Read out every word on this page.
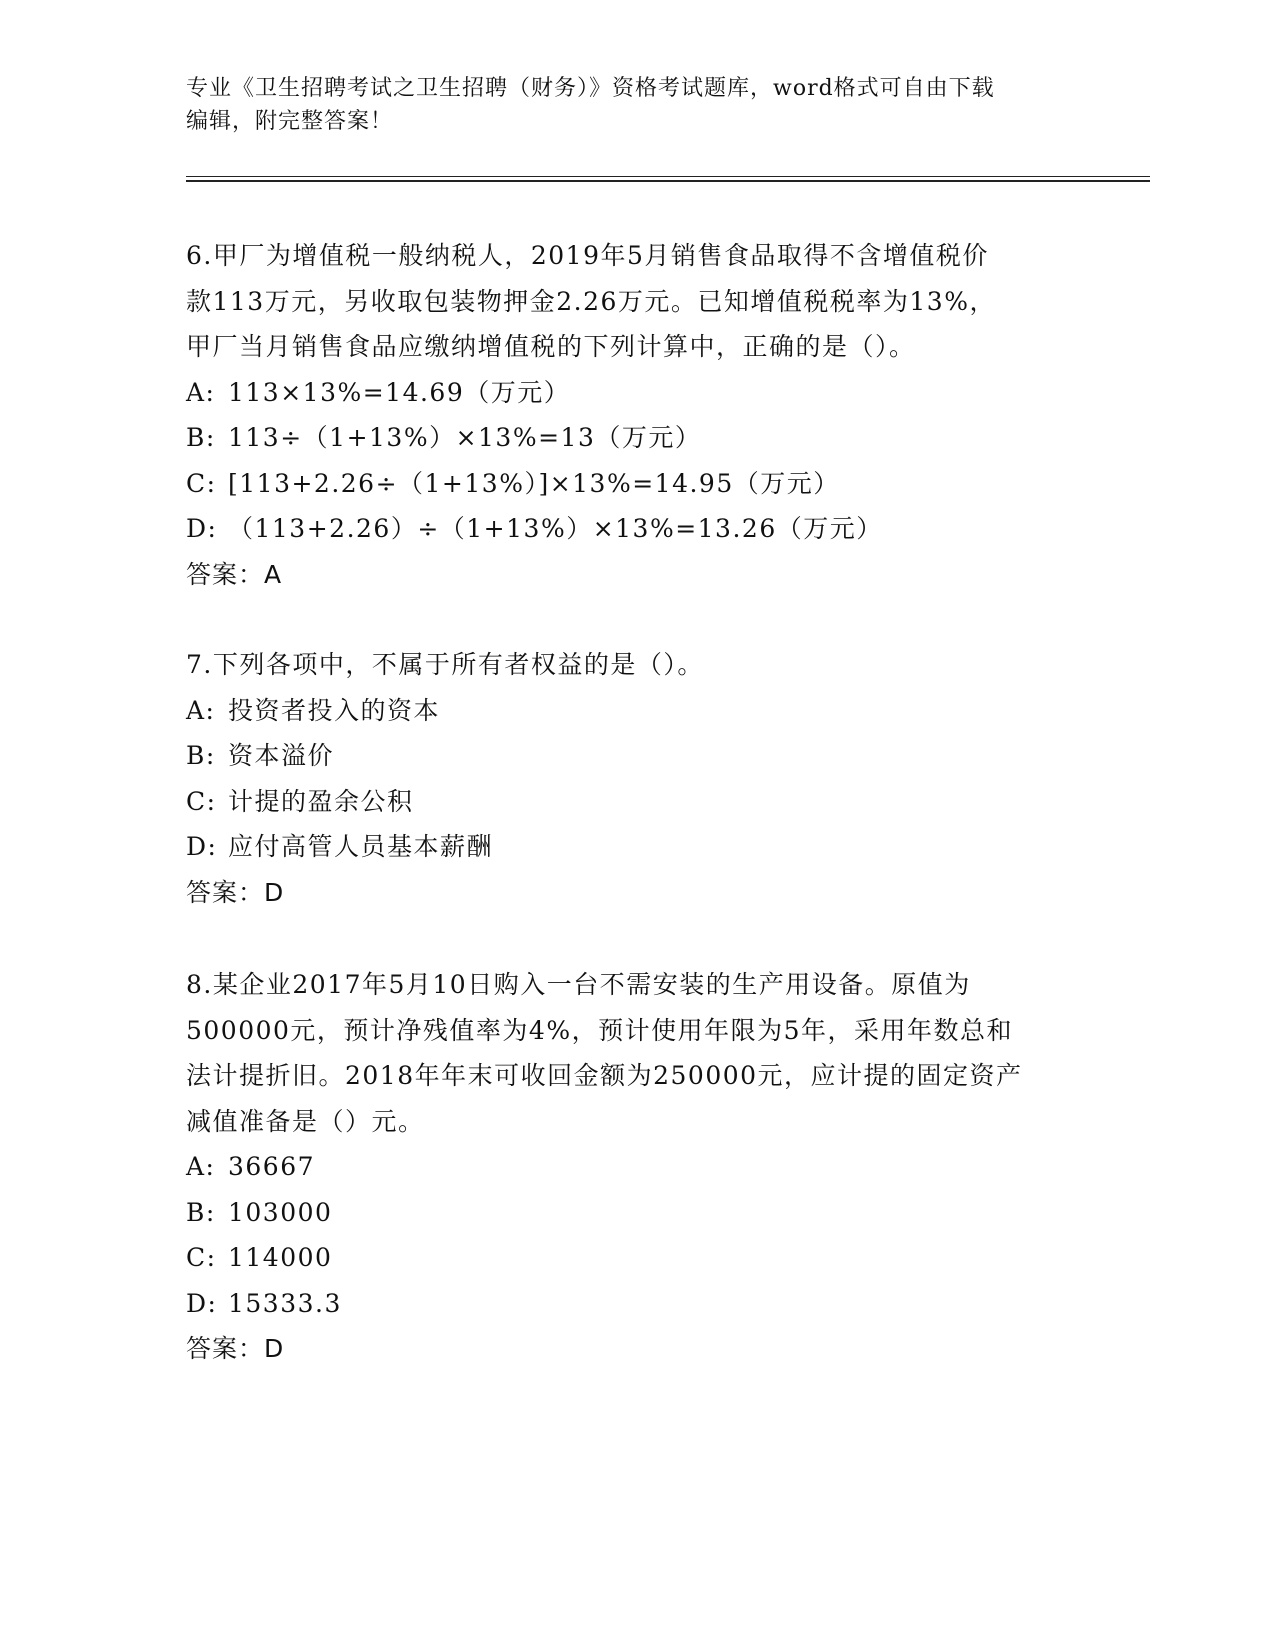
专业《卫生招聘考试之卫生招聘（财务）》资格考试题库，word格式可自由下载
编辑，附完整答案！

6.甲厂为增值税一般纳税人，2019年5月销售食品取得不含增值税价

款113万元，另收取包装物押金2.26万元。已知增值税税率为13%，

甲厂当月销售食品应缴纳增值税的下列计算中，正确的是（）。

A: 113×13%=14.69（万元）

B: 113÷（1+13%）×13%=13（万元）

C: [113+2.26÷（1+13%）]×13%=14.95（万元）

D: （113+2.26）÷（1+13%）×13%=13.26（万元）

答案：A

7.下列各项中，不属于所有者权益的是（）。

A: 投资者投入的资本

B: 资本溢价

C: 计提的盈余公积

D: 应付高管人员基本薪酬

答案：D

8.某企业2017年5月10日购入一台不需安装的生产用设备。原值为

500000元，预计净残值率为4%，预计使用年限为5年，采用年数总和

法计提折旧。2018年年末可收回金额为250000元，应计提的固定资产

减值准备是（）元。

A: 36667

B: 103000

C: 114000

D: 15333.3

答案：D
